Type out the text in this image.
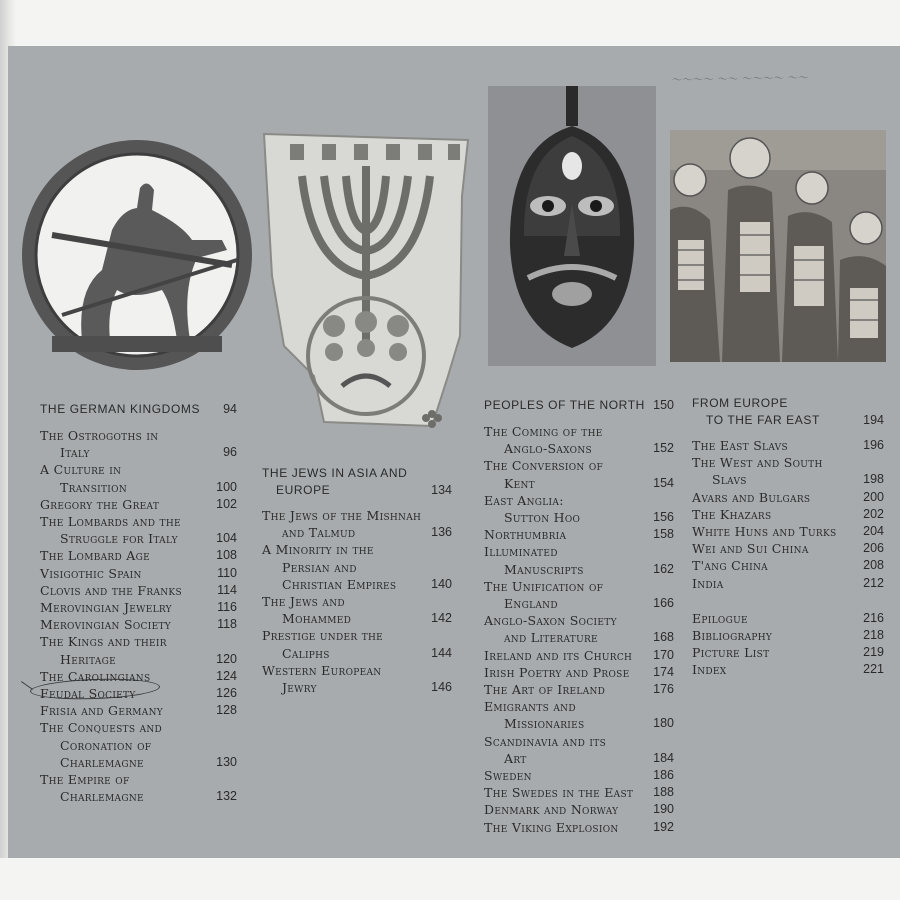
〜〜〜〜 〜〜 〜〜〜〜 〜〜
THE GERMAN KINGDOMS	94
The Ostrogoths in
Italy	96
A Culture in
Transition	100
Gregory the Great	102
The Lombards and the
Struggle for Italy	104
The Lombard Age	108
Visigothic Spain	110
Clovis and the Franks	114
Merovingian Jewelry	116
Merovingian Society	118
The Kings and their
Heritage	120
The Carolingians	124
Feudal Society	126
Frisia and Germany	128
The Conquests and
Coronation of
Charlemagne	130
The Empire of
Charlemagne	132
THE JEWS IN ASIA AND
EUROPE	134
The Jews of the Mishnah
and Talmud	136
A Minority in the
Persian and
Christian Empires	140
The Jews and
Mohammed	142
Prestige under the
Caliphs	144
Western European
Jewry	146
PEOPLES OF THE NORTH 150
The Coming of the
Anglo-Saxons	152
The Conversion of
Kent	154
East Anglia:
Sutton Hoo	156
Northumbria	158
Illuminated
Manuscripts	162
The Unification of
England	166
Anglo-Saxon Society
and Literature	168
Ireland and its Church	170
Irish Poetry and Prose	174
The Art of Ireland	176
Emigrants and
Missionaries	180
Scandinavia and its
Art	184
Sweden	186
The Swedes in the East	188
Denmark and Norway	190
The Viking Explosion	192
FROM EUROPE
TO THE FAR EAST	194
The East Slavs	196
The West and South
Slavs	198
Avars and Bulgars	200
The Khazars	202
White Huns and Turks	204
Wei and Sui China	206
T'ang China	208
India	212
Epilogue	216
Bibliography	218
Picture List	219
Index	221
